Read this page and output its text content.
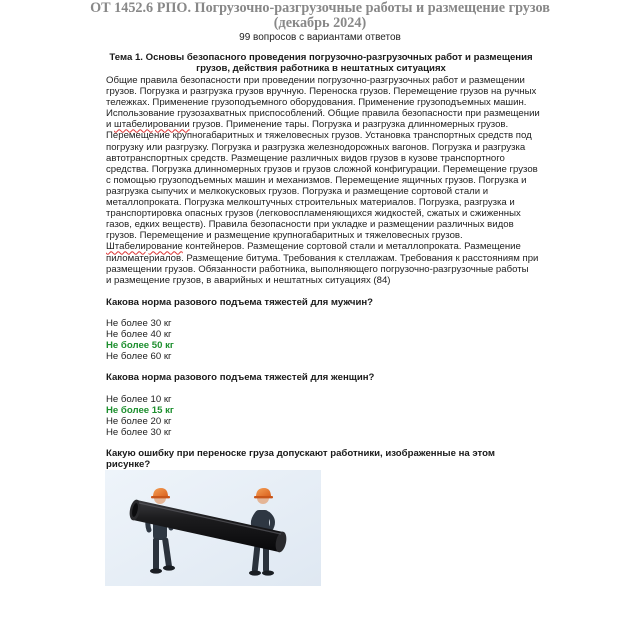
ОТ 1452.6 РПО. Погрузочно-разгрузочные работы и размещение грузов
(декабрь 2024)
99 вопросов с вариантами ответов
Тема 1. Основы безопасного проведения погрузочно-разгрузочных работ и размещения
грузов, действия работника в нештатных ситуациях
Общие правила безопасности при проведении погрузочно-разгрузочных работ и размещении
грузов. Погрузка и разгрузка грузов вручную. Переноска грузов. Перемещение грузов на ручных
тележках. Применение грузоподъемного оборудования. Применение грузоподъемных машин.
Использование грузозахватных приспособлений. Общие правила безопасности при размещении
и штабелировании грузов. Применение тары. Погрузка и разгрузка длинномерных грузов.
Перемещение крупногабаритных и тяжеловесных грузов. Установка транспортных средств под
погрузку или разгрузку. Погрузка и разгрузка железнодорожных вагонов. Погрузка и разгрузка
автотранспортных средств. Размещение различных видов грузов в кузове транспортного
средства. Погрузка длинномерных грузов и грузов сложной конфигурации. Перемещение грузов
с помощью грузоподъемных машин и механизмов. Перемещение ящичных грузов. Погрузка и
разгрузка сыпучих и мелкокусковых грузов. Погрузка и размещение сортовой стали и
металлопроката. Погрузка мелкоштучных строительных материалов. Погрузка, разгрузка и
транспортировка опасных грузов (легковоспламеняющихся жидкостей, сжатых и сжиженных
газов, едких веществ). Правила безопасности при укладке и размещении различных видов
грузов. Перемещение и размещение крупногабаритных и тяжеловесных грузов.
Штабелирование контейнеров. Размещение сортовой стали и металлопроката. Размещение
пиломатериалов. Размещение битума. Требования к стеллажам. Требования к расстояниям при
размещении грузов. Обязанности работника, выполняющего погрузочно-разгрузочные работы
и размещение грузов, в аварийных и нештатных ситуациях (84)
Какова норма разового подъема тяжестей для мужчин?
Не более 30 кг
Не более 40 кг
Не более 50 кг
Не более 60 кг
Какова норма разового подъема тяжестей для женщин?
Не более 10 кг
Не более 15 кг
Не более 20 кг
Не более 30 кг
Какую ошибку при переноске груза допускают работники, изображенные на этом
рисунке?
